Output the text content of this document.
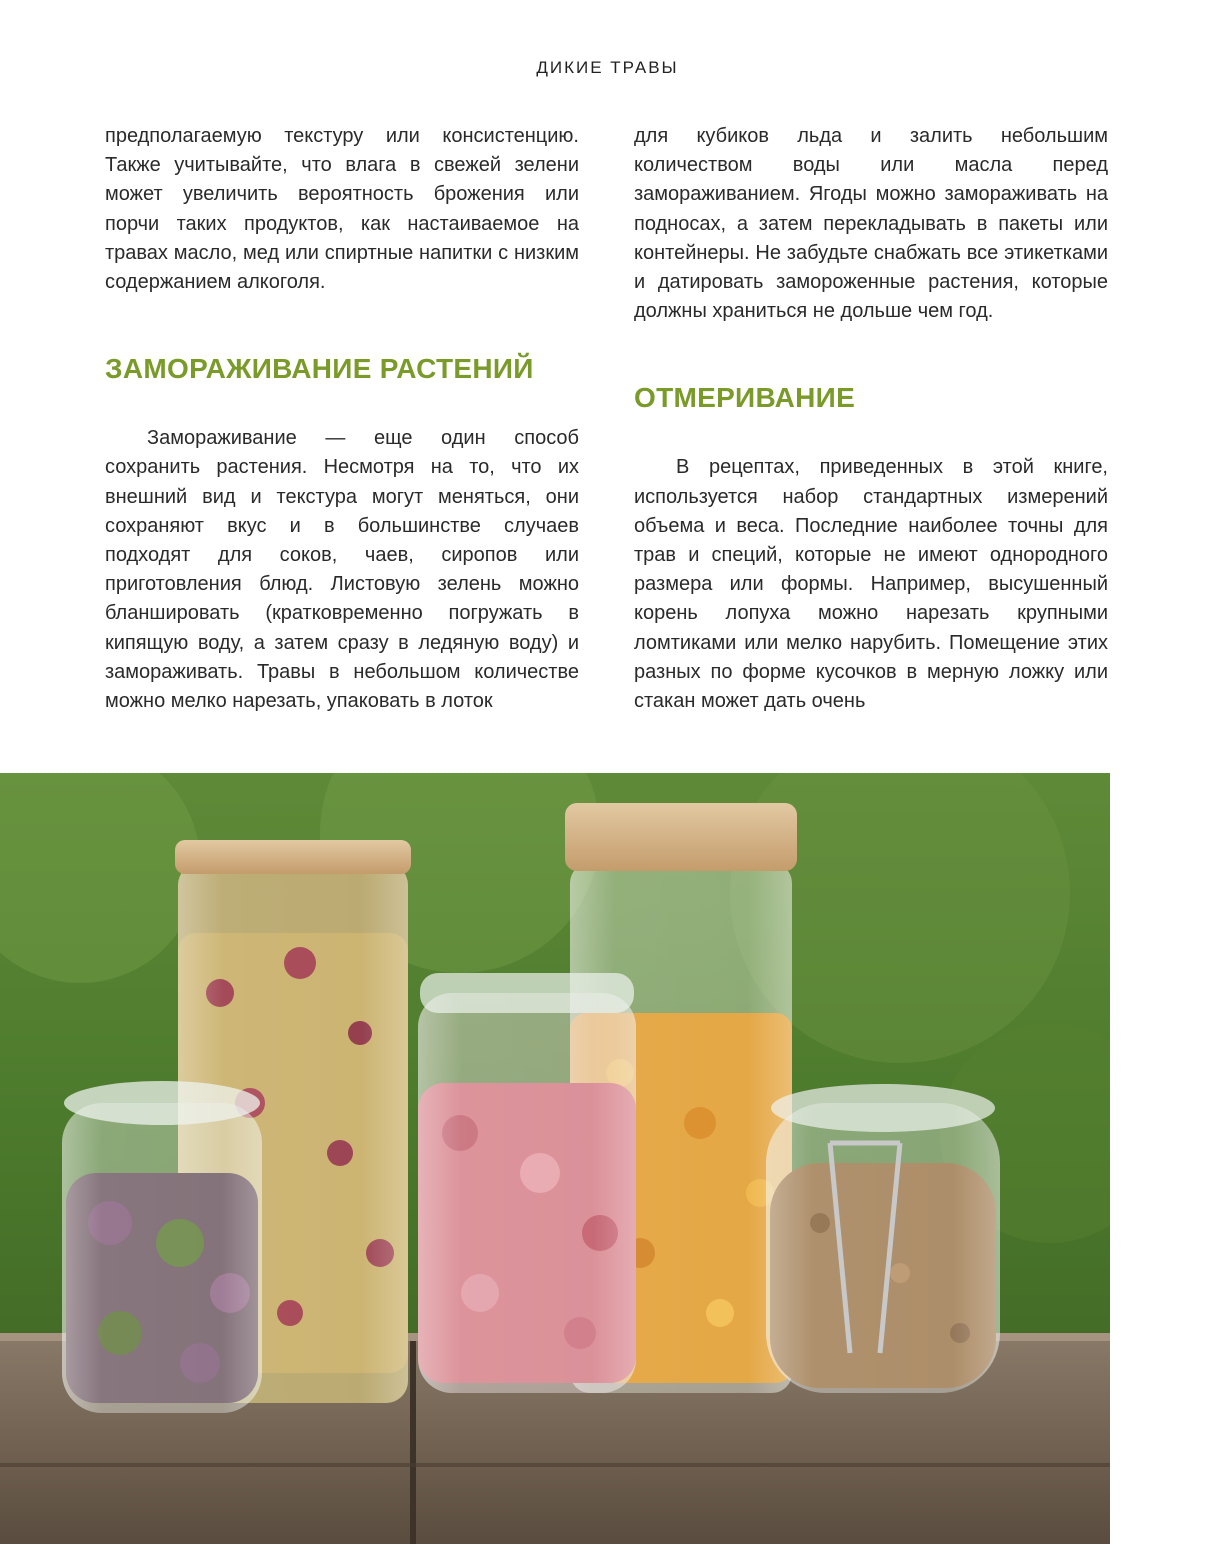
ДИКИЕ ТРАВЫ

предполагаемую текстуру или консистенцию. Также учитывайте, что влага в свежей зелени может увеличить вероятность брожения или порчи таких продуктов, как настаиваемое на травах масло, мед или спиртные напитки с низким содержанием алкоголя.

ЗАМОРАЖИВАНИЕ РАСТЕНИЙ

Замораживание — еще один способ сохранить растения. Несмотря на то, что их внешний вид и текстура могут меняться, они сохраняют вкус и в большинстве случаев подходят для соков, чаев, сиропов или приготовления блюд. Листовую зелень можно бланшировать (кратковременно погружать в кипящую воду, а затем сразу в ледяную воду) и замораживать. Травы в небольшом количестве можно мелко нарезать, упаковать в лоток

для кубиков льда и залить небольшим количеством воды или масла перед замораживанием. Ягоды можно замораживать на подносах, а затем перекладывать в пакеты или контейнеры. Не забудьте снабжать все этикетками и датировать замороженные растения, которые должны храниться не дольше чем год.

ОТМЕРИВАНИЕ

В рецептах, приведенных в этой книге, используется набор стандартных измерений объема и веса. Последние наиболее точны для трав и специй, которые не имеют однородного размера или формы. Например, высушенный корень лопуха можно нарезать крупными ломтиками или мелко нарубить. Помещение этих разных по форме кусочков в мерную ложку или стакан может дать очень
